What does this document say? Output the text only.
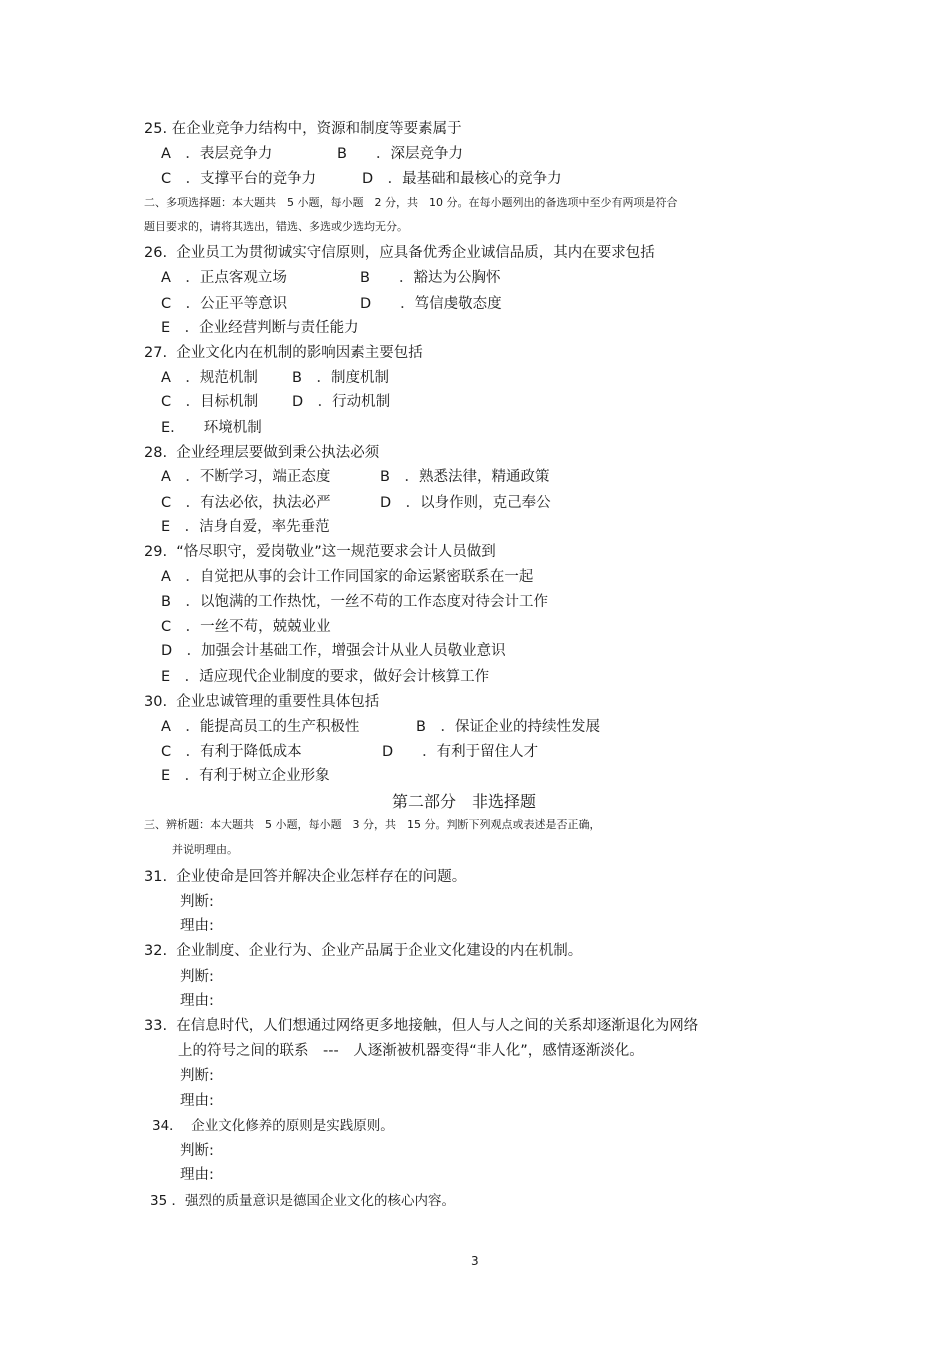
25. 在企业竞争力结构中，资源和制度等要素属于
A　．表层竞争力	B　　．深层竞争力
C　．支撑平台的竞争力	D　．最基础和最核心的竞争力
二、多项选择题：本大题共　5 小题，每小题　2 分，共　10 分。在每小题列出的备选项中至少有两项是符合
题目要求的，请将其选出，错选、多选或少选均无分。
26.  企业员工为贯彻诚实守信原则，应具备优秀企业诚信品质，其内在要求包括
A　．正点客观立场	B　　．豁达为公胸怀
C　．公正平等意识	D　　．笃信虔敬态度
E　．企业经营判断与责任能力
27.  企业文化内在机制的影响因素主要包括
A　．规范机制 B　．制度机制
C　．目标机制 D　．行动机制
E.　　环境机制
28.  企业经理层要做到秉公执法必须
A　．不断学习，端正态度	B　．熟悉法律，精通政策
C　．有法必依，执法必严	D　．以身作则，克己奉公
E　．洁身自爱，率先垂范
29.  “恪尽职守，爱岗敬业”这一规范要求会计人员做到
A　．自觉把从事的会计工作同国家的命运紧密联系在一起
B　．以饱满的工作热忱，一丝不苟的工作态度对待会计工作
C　．一丝不苟，兢兢业业
D　．加强会计基础工作，增强会计从业人员敬业意识
E　．适应现代企业制度的要求，做好会计核算工作
30.  企业忠诚管理的重要性具体包括
A　．能提高员工的生产积极性	B　．保证企业的持续性发展
C　．有利于降低成本	D　　．有利于留住人才
E　．有利于树立企业形象
第二部分　非选择题
三、辨析题：本大题共　5 小题，每小题　3 分，共　15 分。判断下列观点或表述是否正确，
并说明理由。
31.  企业使命是回答并解决企业怎样存在的问题。
判断:
理由:
32.  企业制度、企业行为、企业产品属于企业文化建设的内在机制。
判断:
理由:
33.  在信息时代，人们想通过网络更多地接触，但人与人之间的关系却逐渐退化为网络
上的符号之间的联系　---　人逐渐被机器变得“非人化”，感情逐渐淡化。
判断:
理由:
34．  企业文化修养的原则是实践原则。
判断:
理由:
35 ．强烈的质量意识是德国企业文化的核心内容。
3
